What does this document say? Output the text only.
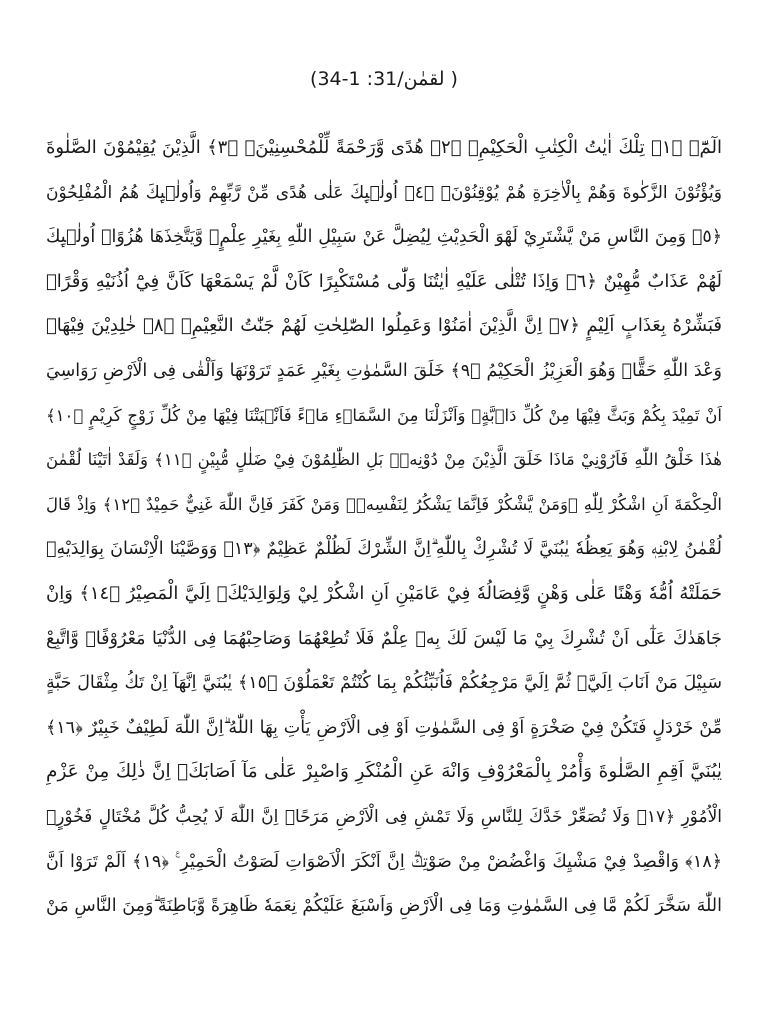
( لقمٰن/31: 1-34)
الٓمّٓۚ ﴿١﴾ تِلْكَ اٰيٰتُ الْكِتٰبِ الْحَكِيْمِۙ ﴿٢﴾ هُدًى وَّرَحْمَةً لِّلْمُحْسِنِيْنَۙ ﴿٣﴾ الَّذِيْنَ يُقِيْمُوْنَ الصَّلٰوةَ
وَيُؤْتُوْنَ الزَّكٰوةَ وَهُمْ بِالْاٰخِرَةِ هُمْ يُوْقِنُوْنَۗ ﴿٤﴾ اُولٰۤىِٕكَ عَلٰى هُدًى مِّنْ رَّبِّهِمْ وَاُولٰۤىِٕكَ هُمُ الْمُفْلِحُوْنَ
﴿٥﴾ وَمِنَ النَّاسِ مَنْ يَّشْتَرِيْ لَهْوَ الْحَدِيْثِ لِيُضِلَّ عَنْ سَبِيْلِ اللّٰهِ بِغَيْرِ عِلْمٍۖ وَّيَتَّخِذَهَا هُزُوًاۗ اُولٰۤىِٕكَ
لَهُمْ عَذَابٌ مُّهِيْنٌ ﴿٦﴾ وَاِذَا تُتْلٰى عَلَيْهِ اٰيٰتُنَا وَلّٰى مُسْتَكْبِرًا كَاَنْ لَّمْ يَسْمَعْهَا كَاَنَّ فِيْٓ اُذُنَيْهِ وَقْرًاۚ
فَبَشِّرْهُ بِعَذَابٍ اَلِيْمٍ ﴿٧﴾ اِنَّ الَّذِيْنَ اٰمَنُوْا وَعَمِلُوا الصّٰلِحٰتِ لَهُمْ جَنّٰتُ النَّعِيْمِۙ ﴿٨﴾ خٰلِدِيْنَ فِيْهَاۗ
وَعْدَ اللّٰهِ حَقًّاۗ وَهُوَ الْعَزِيْزُ الْحَكِيْمُ ﴿٩﴾ خَلَقَ السَّمٰوٰتِ بِغَيْرِ عَمَدٍ تَرَوْنَهَا وَاَلْقٰى فِى الْاَرْضِ رَوَاسِيَ
اَنْ تَمِيْدَ بِكُمْ وَبَثَّ فِيْهَا مِنْ كُلِّ دَاۤبَّةٍۗ وَاَنْزَلْنَا مِنَ السَّمَاۤءِ مَاۤءً فَاَنْۢبَتْنَا فِيْهَا مِنْ كُلِّ زَوْجٍ كَرِيْمٍ ﴿١٠﴾
هٰذَا خَلْقُ اللّٰهِ فَاَرُوْنِيْ مَاذَا خَلَقَ الَّذِيْنَ مِنْ دُوْنِهٖۗ بَلِ الظّٰلِمُوْنَ فِيْ ضَلٰلٍ مُّبِيْنٍ ﴿١١﴾ وَلَقَدْ اٰتَيْنَا لُقْمٰنَ
الْحِكْمَةَ اَنِ اشْكُرْ لِلّٰهِ ۗوَمَنْ يَّشْكُرْ فَاِنَّمَا يَشْكُرُ لِنَفْسِهٖۚ وَمَنْ كَفَرَ فَاِنَّ اللّٰهَ غَنِيٌّ حَمِيْدٌ ﴿١٢﴾ وَاِذْ قَالَ
لُقْمٰنُ لِابْنِهٖ وَهُوَ يَعِظُهٗ يٰبُنَيَّ لَا تُشْرِكْ بِاللّٰهِ ۗاِنَّ الشِّرْكَ لَظُلْمٌ عَظِيْمٌ ﴿١٣﴾ وَوَصَّيْنَا الْاِنْسَانَ بِوَالِدَيْهِۚ
حَمَلَتْهُ اُمُّهٗ وَهْنًا عَلٰى وَهْنٍ وَّفِصَالُهٗ فِيْ عَامَيْنِ اَنِ اشْكُرْ لِيْ وَلِوَالِدَيْكَۗ اِلَيَّ الْمَصِيْرُ ﴿١٤﴾ وَاِنْ
جَاهَدٰكَ عَلٰٓى اَنْ تُشْرِكَ بِيْ مَا لَيْسَ لَكَ بِهٖ عِلْمٌ فَلَا تُطِعْهُمَا وَصَاحِبْهُمَا فِى الدُّنْيَا مَعْرُوْفًاۖ وَّاتَّبِعْ
سَبِيْلَ مَنْ اَنَابَ اِلَيَّۚ ثُمَّ اِلَيَّ مَرْجِعُكُمْ فَاُنَبِّئُكُمْ بِمَا كُنْتُمْ تَعْمَلُوْنَ ﴿١٥﴾ يٰبُنَيَّ اِنَّهَآ اِنْ تَكُ مِثْقَالَ حَبَّةٍ
مِّنْ خَرْدَلٍ فَتَكُنْ فِيْ صَخْرَةٍ اَوْ فِى السَّمٰوٰتِ اَوْ فِى الْاَرْضِ يَأْتِ بِهَا اللّٰهُ ۗاِنَّ اللّٰهَ لَطِيْفٌ خَبِيْرٌ ﴿١٦﴾
يٰبُنَيَّ اَقِمِ الصَّلٰوةَ وَأْمُرْ بِالْمَعْرُوْفِ وَانْهَ عَنِ الْمُنْكَرِ وَاصْبِرْ عَلٰى مَآ اَصَابَكَۗ اِنَّ ذٰلِكَ مِنْ عَزْمِ
الْاُمُوْرِ ﴿١٧﴾ وَلَا تُصَعِّرْ خَدَّكَ لِلنَّاسِ وَلَا تَمْشِ فِى الْاَرْضِ مَرَحًاۗ اِنَّ اللّٰهَ لَا يُحِبُّ كُلَّ مُخْتَالٍ فَخُوْرٍۚ
﴿١٨﴾ وَاقْصِدْ فِيْ مَشْيِكَ وَاغْضُضْ مِنْ صَوْتِكَۗ اِنَّ اَنْكَرَ الْاَصْوَاتِ لَصَوْتُ الْحَمِيْرِ ࣖ ﴿١٩﴾ اَلَمْ تَرَوْا اَنَّ
اللّٰهَ سَخَّرَ لَكُمْ مَّا فِى السَّمٰوٰتِ وَمَا فِى الْاَرْضِ وَاَسْبَغَ عَلَيْكُمْ نِعَمَهٗ ظَاهِرَةً وَّبَاطِنَةً ۗوَمِنَ النَّاسِ مَنْ
